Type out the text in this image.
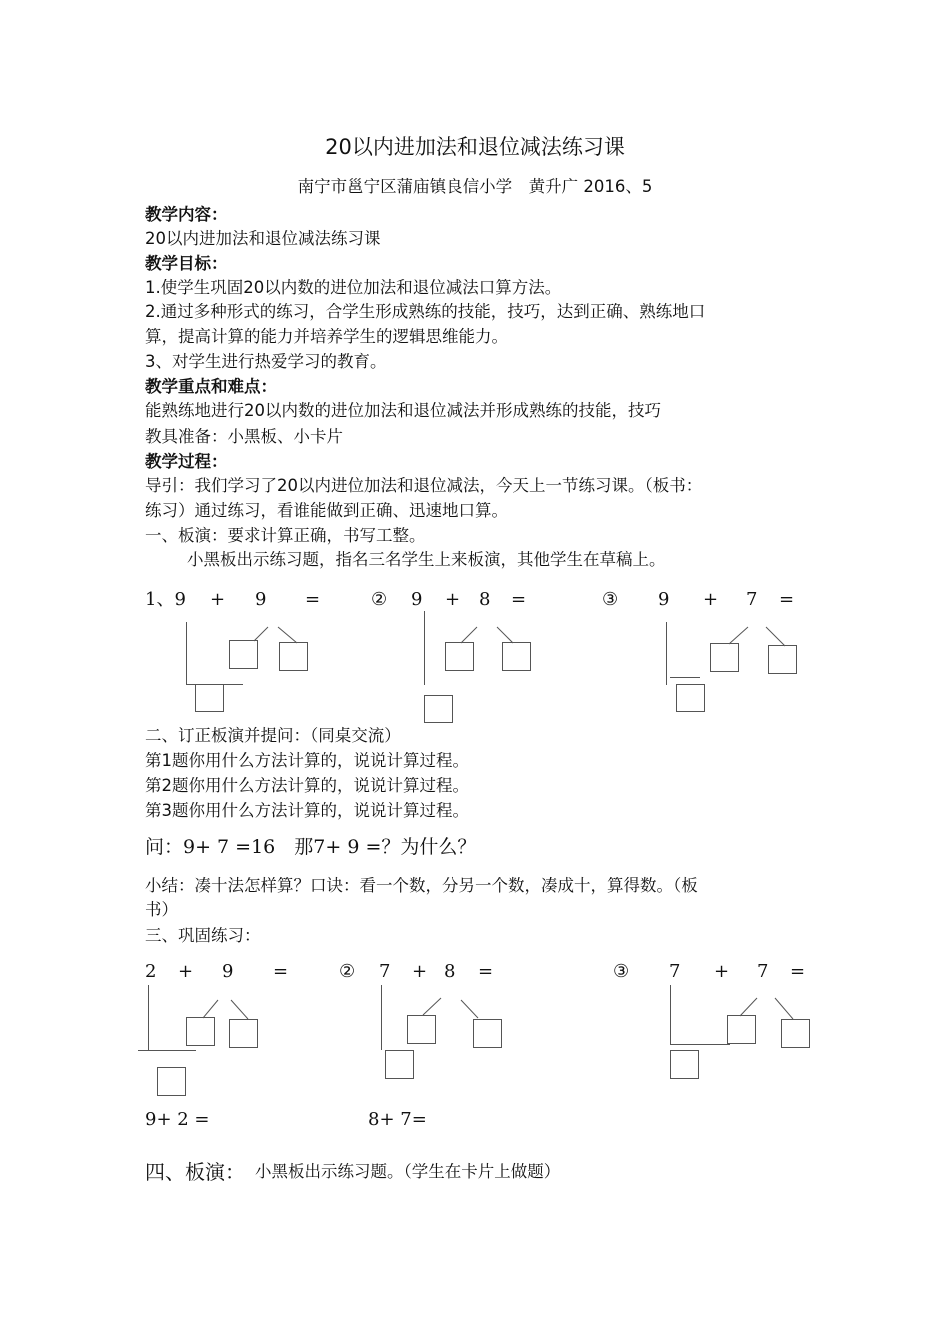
20以内进加法和退位减法练习课
南宁市邕宁区蒲庙镇良信小学　黄升广 2016、5
教学内容：
20以内进加法和退位减法练习课
教学目标：
1.使学生巩固20以内数的进位加法和退位减法口算方法。
2.通过多种形式的练习，合学生形成熟练的技能，技巧，达到正确、熟练地口
算，提高计算的能力并培养学生的逻辑思维能力。
3、对学生进行热爱学习的教育。
教学重点和难点：
能熟练地进行20以内数的进位加法和退位减法并形成熟练的技能，技巧
教具准备：小黑板、小卡片
教学过程：
导引：我们学习了20以内进位加法和退位减法，今天上一节练习课。（板书：
练习）通过练习，看谁能做到正确、迅速地口算。
一、板演：要求计算正确，书写工整。
小黑板出示练习题，指名三名学生上来板演，其他学生在草稿上。
1、9 + 9 =	② 9 + 8 =	③ 9 + 7 =
二、订正板演并提问：（同桌交流）
第1题你用什么方法计算的，说说计算过程。
第2题你用什么方法计算的，说说计算过程。
第3题你用什么方法计算的，说说计算过程。
问：9+ 7 =16　那7+ 9 =？为什么？
小结：凑十法怎样算？口诀：看一个数，分另一个数，凑成十，算得数。（板
书）
三、巩固练习：
2 + 9 =	② 7 + 8 =	③ 7 + 7 =
9+ 2 =	8+ 7=
四、板演： 小黑板出示练习题。（学生在卡片上做题）
